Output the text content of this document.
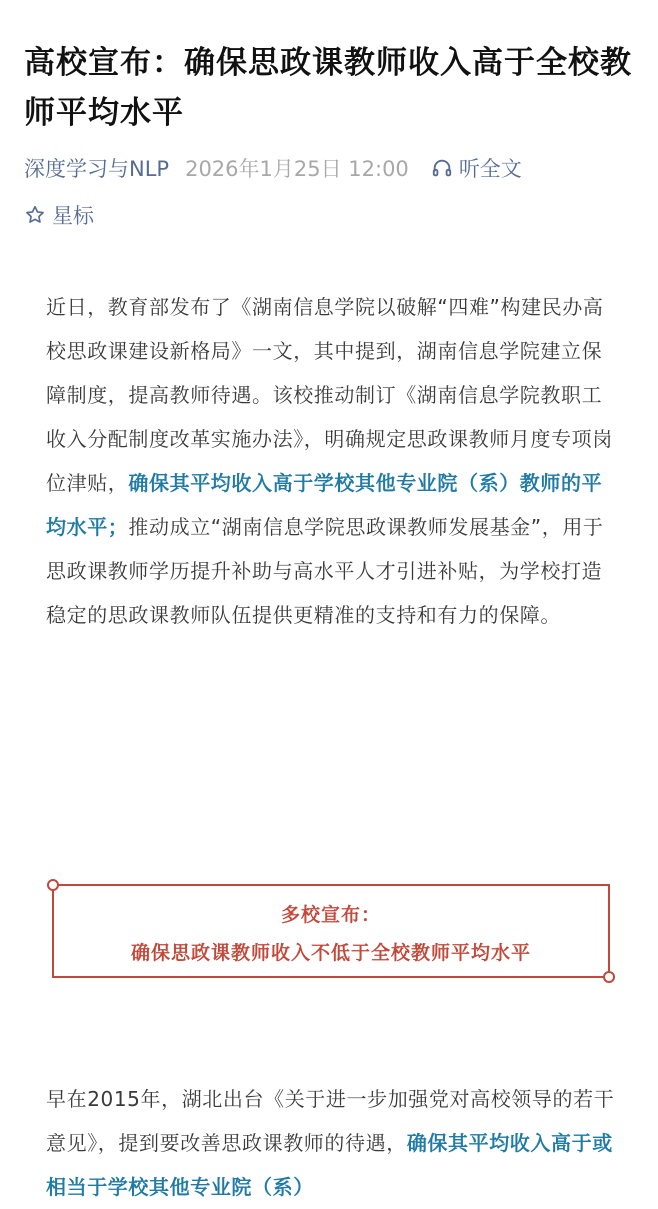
高校宣布：确保思政课教师收入高于全校教师平均水平
深度学习与NLP 2026年1月25日 12:00 听全文
星标

近日，教育部发布了《湖南信息学院以破解“四难”构建民办高校思政课建设新格局》一文，其中提到，湖南信息学院建立保障制度，提高教师待遇。该校推动制订《湖南信息学院教职工收入分配制度改革实施办法》，明确规定思政课教师月度专项岗位津贴，确保其平均收入高于学校其他专业院（系）教师的平均水平；推动成立“湖南信息学院思政课教师发展基金”，用于思政课教师学历提升补助与高水平人才引进补贴，为学校打造稳定的思政课教师队伍提供更精准的支持和有力的保障。

多校宣布：
确保思政课教师收入不低于全校教师平均水平

早在2015年，湖北出台《关于进一步加强党对高校领导的若干意见》，提到要改善思政课教师的待遇，确保其平均收入高于或相当于学校其他专业院（系）
